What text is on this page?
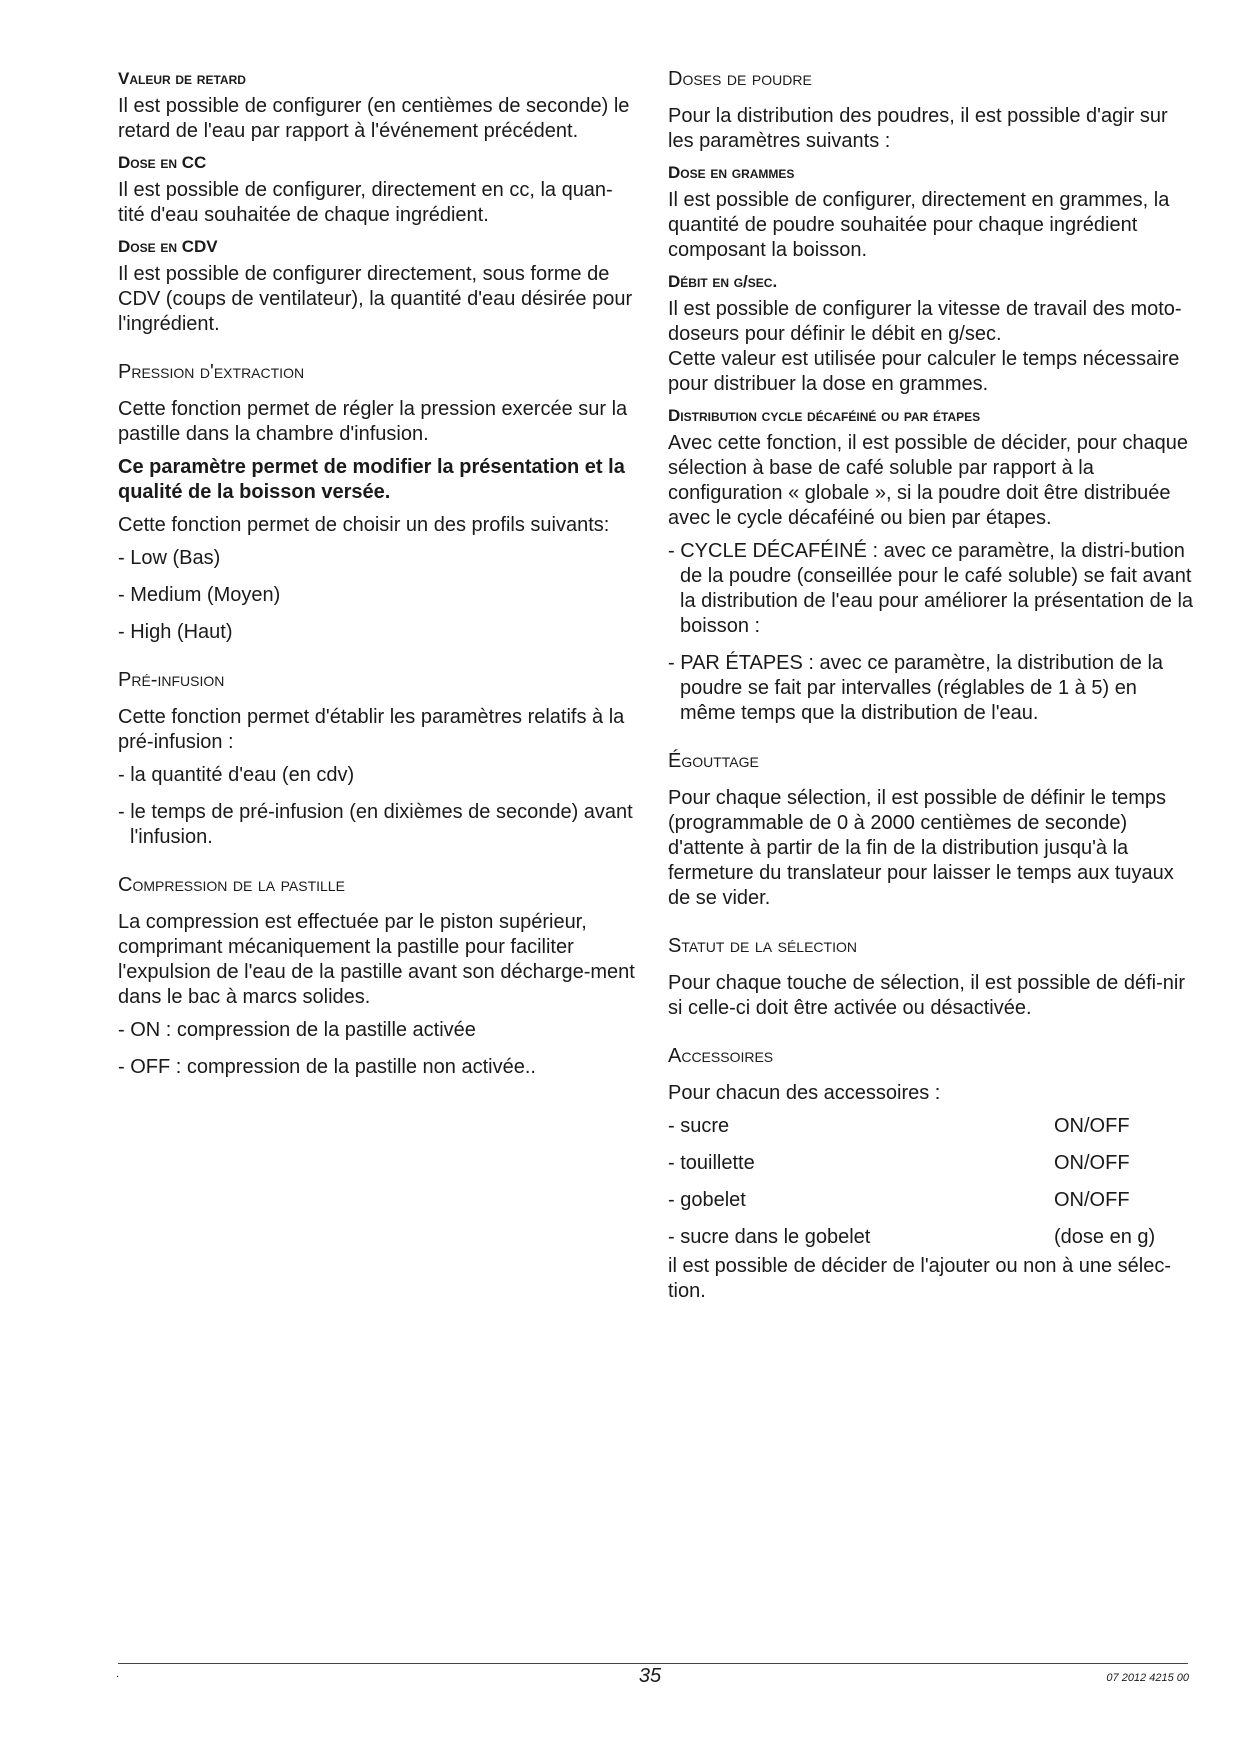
Valeur de retard

Il est possible de configurer (en centièmes de seconde) le retard de l'eau par rapport à l'événement précédent.

Dose en CC

Il est possible de configurer, directement en cc, la quan-tité d'eau souhaitée de chaque ingrédient.

Dose en CDV

Il est possible de configurer directement, sous forme de CDV (coups de ventilateur), la quantité d'eau désirée pour l'ingrédient.

Pression d'extraction

Cette fonction permet de régler la pression exercée sur la pastille dans la chambre d'infusion.

Ce paramètre permet de modifier la présentation et la qualité de la boisson versée.

Cette fonction permet de choisir un des profils suivants:

- Low (Bas)
- Medium (Moyen)
- High (Haut)
Pré-infusion

Cette fonction permet d'établir les paramètres relatifs à la pré-infusion :

- la quantité d'eau (en cdv)
- le temps de pré-infusion (en dixièmes de seconde) avant l'infusion.
Compression de la pastille

La compression est effectuée par le piston supérieur, comprimant mécaniquement la pastille pour faciliter l'expulsion de l'eau de la pastille avant son décharge-ment dans le bac à marcs solides.

- ON : compression de la pastille activée
- OFF : compression de la pastille non activée..
Doses de poudre

Pour la distribution des poudres, il est possible d'agir sur les paramètres suivants :

Dose en grammes

Il est possible de configurer, directement en grammes, la quantité de poudre souhaitée pour chaque ingrédient composant la boisson.

Débit en g/sec.

Il est possible de configurer la vitesse de travail des moto-doseurs pour définir le débit en g/sec.

Cette valeur est utilisée pour calculer le temps nécessaire pour distribuer la dose en grammes.

Distribution cycle décaféiné ou par étapes

Avec cette fonction, il est possible de décider, pour chaque sélection à base de café soluble par rapport à la configuration « globale », si la poudre doit être distribuée avec le cycle décaféiné ou bien par étapes.

- CYCLE DÉCAFÉINÉ : avec ce paramètre, la distri-bution de la poudre (conseillée pour le café soluble) se fait avant la distribution de l'eau pour améliorer la présentation de la boisson :
- PAR ÉTAPES : avec ce paramètre, la distribution de la poudre se fait par intervalles (réglables de 1 à 5) en même temps que la distribution de l'eau.
Égouttage

Pour chaque sélection, il est possible de définir le temps (programmable de 0 à 2000 centièmes de seconde) d'attente à partir de la fin de la distribution jusqu'à la fermeture du translateur pour laisser le temps aux tuyaux de se vider.

Statut de la sélection

Pour chaque touche de sélection, il est possible de défi-nir si celle-ci doit être activée ou désactivée.

Accessoires

Pour chacun des accessoires :

- sucre	ON/OFF
- touillette	ON/OFF
- gobelet	ON/OFF
- sucre dans le gobelet	(dose en g)

il est possible de décider de l'ajouter ou non à une sélec-tion.

.	35	07 2012 4215 00
